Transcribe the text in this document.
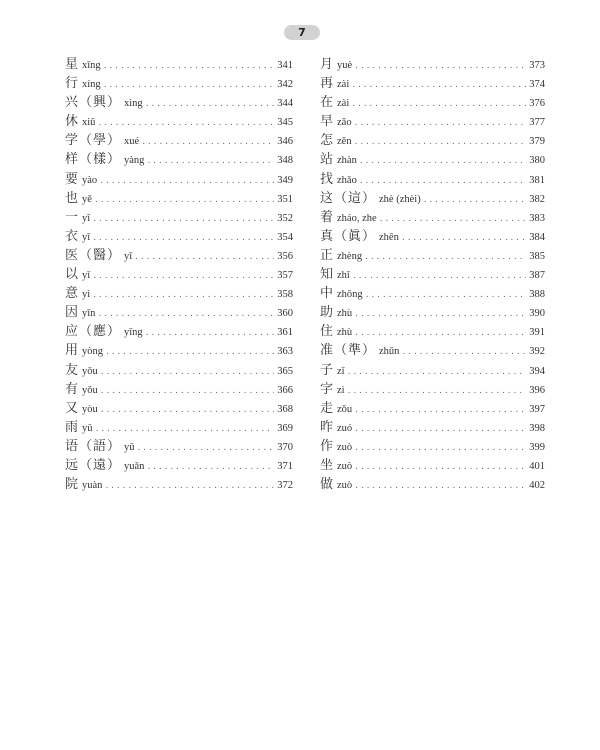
7
星 xīng . . .	341
行 xíng . . .	342
兴（興） xìng . . .	344
休 xiū . . .	345
学（學） xué . . .	346
样（樣） yàng . . .	348
要 yào . . .	349
也 yě . . .	351
一 yī . . .	352
衣 yī . . .	354
医（醫） yī . . .	356
以 yǐ . . .	357
意 yì . . .	358
因 yīn . . .	360
应（應） yīng . . .	361
用 yòng . . .	363
友 yǒu . . .	365
有 yǒu . . .	366
又 yòu . . .	368
雨 yǔ . . .	369
语（語） yǔ . . .	370
远（遠） yuǎn . . .	371
院 yuàn . . .	372
月 yuè . . .	373
再 zài . . .	374
在 zài . . .	376
早 zǎo . . .	377
怎 zěn . . .	379
站 zhàn . . .	380
找 zhǎo . . .	381
这（這） zhè (zhèi) . . .	382
着 zháo, zhe . . .	383
真（眞） zhēn . . .	384
正 zhèng . . .	385
知 zhī . . .	387
中 zhōng . . .	388
助 zhù . . .	390
住 zhù . . .	391
准（準） zhǔn . . .	392
子 zǐ . . .	394
字 zì . . .	396
走 zǒu . . .	397
昨 zuó . . .	398
作 zuò . . .	399
坐 zuò . . .	401
做 zuò . . .	402
